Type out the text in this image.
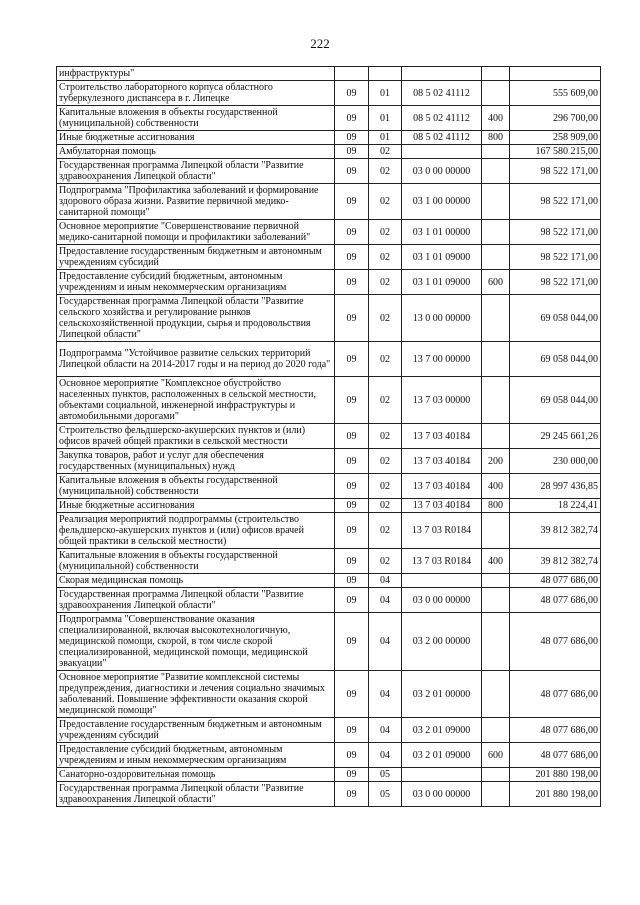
222
инфраструктуры"					
Строительство лабораторного корпуса областного туберкулезного диспансера в г. Липецке	09	01	08 5 02 41112		555 609,00
Капитальные вложения в объекты государственной (муниципальной) собственности	09	01	08 5 02 41112	400	296 700,00
Иные бюджетные ассигнования	09	01	08 5 02 41112	800	258 909,00
Амбулаторная помощь	09	02			167 580 215,00
Государственная программа Липецкой области "Развитие здравоохранения Липецкой области"	09	02	03 0 00 00000		98 522 171,00
Подпрограмма "Профилактика заболеваний и формирование здорового образа жизни. Развитие первичной медико-санитарной помощи"	09	02	03 1 00 00000		98 522 171,00
Основное мероприятие "Совершенствование первичной медико-санитарной помощи и профилактики заболеваний"	09	02	03 1 01 00000		98 522 171,00
Предоставление государственным бюджетным и автономным учреждениям субсидий	09	02	03 1 01 09000		98 522 171,00
Предоставление субсидий бюджетным, автономным учреждениям и иным некоммерческим организациям	09	02	03 1 01 09000	600	98 522 171,00
Государственная программа Липецкой области "Развитие сельского хозяйства и регулирование рынков сельскохозяйственной продукции, сырья и продовольствия Липецкой области"	09	02	13 0 00 00000		69 058 044,00
Подпрограмма "Устойчивое развитие сельских территорий Липецкой области на 2014-2017 годы и на период до 2020 года"	09	02	13 7 00 00000		69 058 044,00
Основное мероприятие "Комплексное обустройство населенных пунктов, расположенных в сельской местности, объектами социальной, инженерной инфраструктуры и автомобильными дорогами"	09	02	13 7 03 00000		69 058 044,00
Строительство фельдшерско-акушерских пунктов и (или) офисов врачей общей практики в сельской местности	09	02	13 7 03 40184		29 245 661,26
Закупка товаров, работ и услуг для обеспечения государственных (муниципальных) нужд	09	02	13 7 03 40184	200	230 000,00
Капитальные вложения в объекты государственной (муниципальной) собственности	09	02	13 7 03 40184	400	28 997 436,85
Иные бюджетные ассигнования	09	02	13 7 03 40184	800	18 224,41
Реализация мероприятий подпрограммы (строительство фельдшерско-акушерских пунктов и (или) офисов врачей общей практики в сельской местности)	09	02	13 7 03 R0184		39 812 382,74
Капитальные вложения в объекты государственной (муниципальной) собственности	09	02	13 7 03 R0184	400	39 812 382,74
Скорая медицинская помощь	09	04			48 077 686,00
Государственная программа Липецкой области "Развитие здравоохранения Липецкой области"	09	04	03 0 00 00000		48 077 686,00
Подпрограмма "Совершенствование оказания специализированной, включая высокотехнологичную, медицинской помощи, скорой, в том числе скорой специализированной, медицинской помощи, медицинской эвакуации"	09	04	03 2 00 00000		48 077 686,00
Основное мероприятие "Развитие комплексной системы предупреждения, диагностики и лечения социально значимых заболеваний. Повышение эффективности оказания скорой медицинской помощи"	09	04	03 2 01 00000		48 077 686,00
Предоставление государственным бюджетным и автономным учреждениям субсидий	09	04	03 2 01 09000		48 077 686,00
Предоставление субсидий бюджетным, автономным учреждениям и иным некоммерческим организациям	09	04	03 2 01 09000	600	48 077 686,00
Санаторно-оздоровительная помощь	09	05			201 880 198,00
Государственная программа Липецкой области "Развитие здравоохранения Липецкой области"	09	05	03 0 00 00000		201 880 198,00
